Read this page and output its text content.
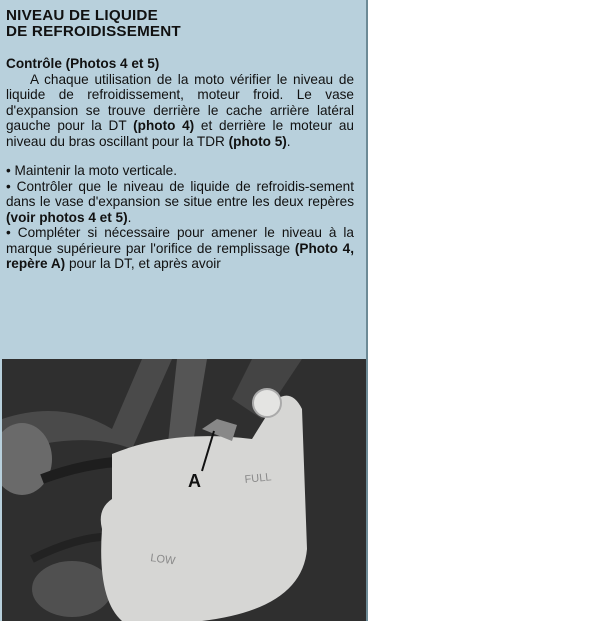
NIVEAU DE LIQUIDE
DE REFROIDISSEMENT
Contrôle (Photos 4 et 5)
A chaque utilisation de la moto vérifier le niveau de liquide de refroidissement, moteur froid. Le vase d'expansion se trouve derrière le cache arrière latéral gauche pour la DT (photo 4) et derrière le moteur au niveau du bras oscillant pour la TDR (photo 5).
• Maintenir la moto verticale.
• Contrôler que le niveau de liquide de refroidis-sement dans le vase d'expansion se situe entre les deux repères (voir photos 4 et 5).
• Compléter si nécessaire pour amener le niveau à la marque supérieure par l'orifice de remplissage (Photo 4, repère A) pour la DT, et après avoir
FULL
LOW
A
